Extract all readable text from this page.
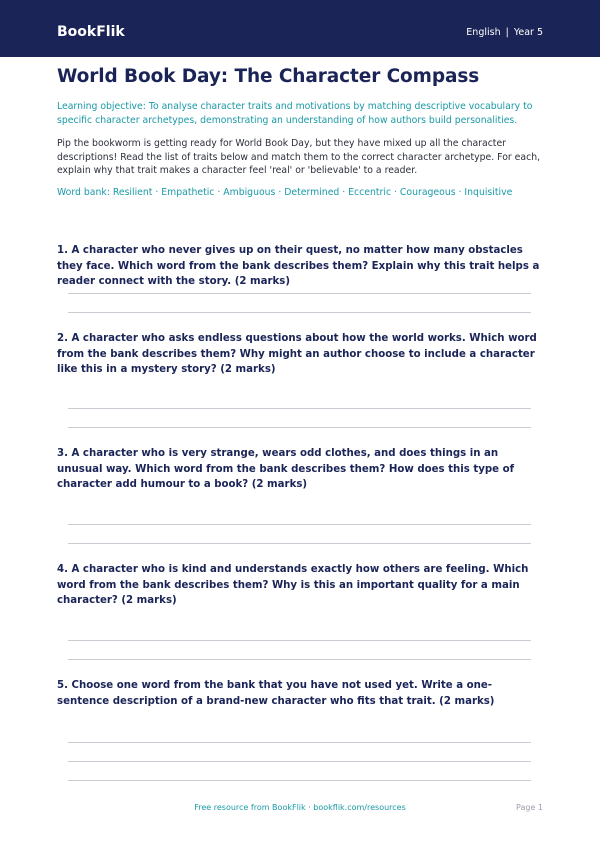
BookFlik	English | Year 5
World Book Day: The Character Compass

Learning objective: To analyse character traits and motivations by matching descriptive vocabulary to specific character archetypes, demonstrating an understanding of how authors build personalities.

Pip the bookworm is getting ready for World Book Day, but they have mixed up all the character descriptions! Read the list of traits below and match them to the correct character archetype. For each, explain why that trait makes a character feel 'real' or 'believable' to a reader.

Word bank: Resilient · Empathetic · Ambiguous · Determined · Eccentric · Courageous · Inquisitive

1. A character who never gives up on their quest, no matter how many obstacles they face. Which word from the bank describes them? Explain why this trait helps a reader connect with the story. (2 marks)

2. A character who asks endless questions about how the world works. Which word from the bank describes them? Why might an author choose to include a character like this in a mystery story? (2 marks)

3. A character who is very strange, wears odd clothes, and does things in an unusual way. Which word from the bank describes them? How does this type of character add humour to a book? (2 marks)

4. A character who is kind and understands exactly how others are feeling. Which word from the bank describes them? Why is this an important quality for a main character? (2 marks)

5. Choose one word from the bank that you have not used yet. Write a one-sentence description of a brand-new character who fits that trait. (2 marks)

Free resource from BookFlik · bookflik.com/resources	Page 1
